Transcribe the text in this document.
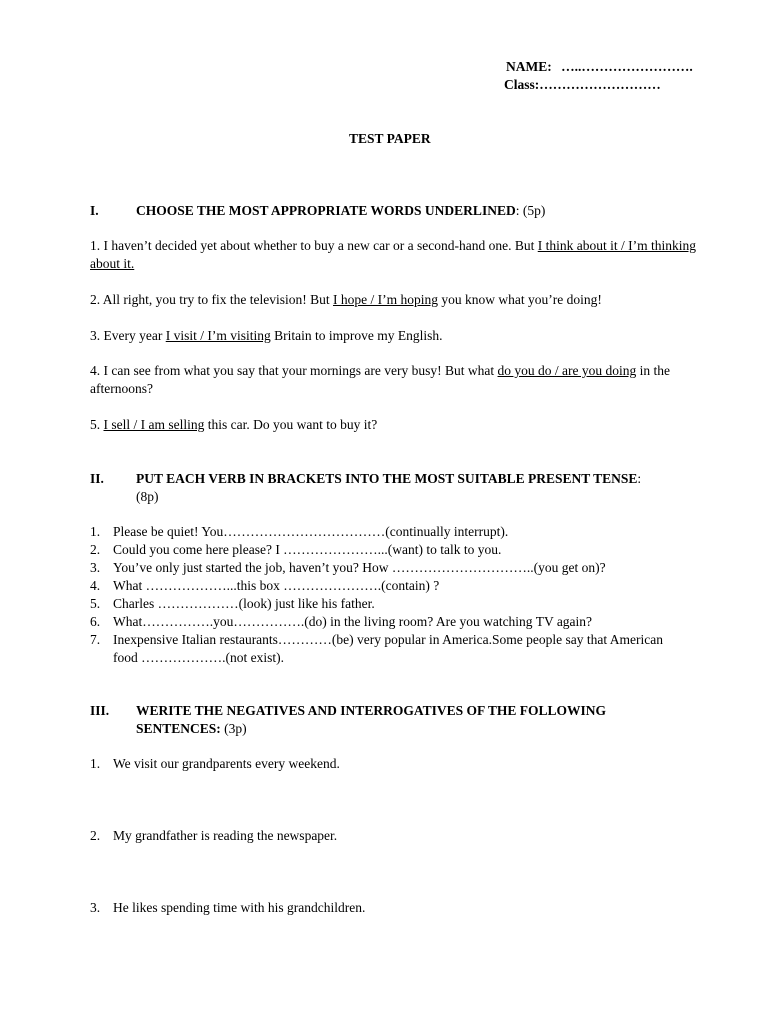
NAME: …..…………………….
Class:………………………
TEST PAPER
I.	CHOOSE THE MOST APPROPRIATE WORDS UNDERLINED: (5p)
1. I haven’t decided yet about whether to buy a new car or a second-hand one. But I think about it / I’m thinking about it.
2. All right, you try to fix the television! But I hope / I’m hoping you know what you’re doing!
3. Every year I visit / I’m visiting Britain to improve my English.
4. I can see from what you say that your mornings are very busy! But what do you do / are you doing in the afternoons?
5. I sell / I am selling this car. Do you want to buy it?
II. PUT EACH VERB IN BRACKETS INTO THE MOST SUITABLE PRESENT TENSE:(8p)
1. Please be quiet! You………………………………(continually interrupt).
2. Could you come here please? I …………………...(want) to talk to you.
3. You’ve only just started the job, haven’t you? How …………………………..(you get on)?
4. What ………………...this box ………………….(contain) ?
5. Charles ………………(look) just like his father.
6. What…………….you…………….(do) in the living room? Are you watching TV again?
7. Inexpensive Italian restaurants…………(be) very popular in America.Some people say that American food ……………….(not exist).
III. WERITE THE NEGATIVES AND INTERROGATIVES OF THE FOLLOWING SENTENCES: (3p)
1. We visit our grandparents every weekend.
2. My grandfather is reading the newspaper.
3. He likes spending time with his grandchildren.
